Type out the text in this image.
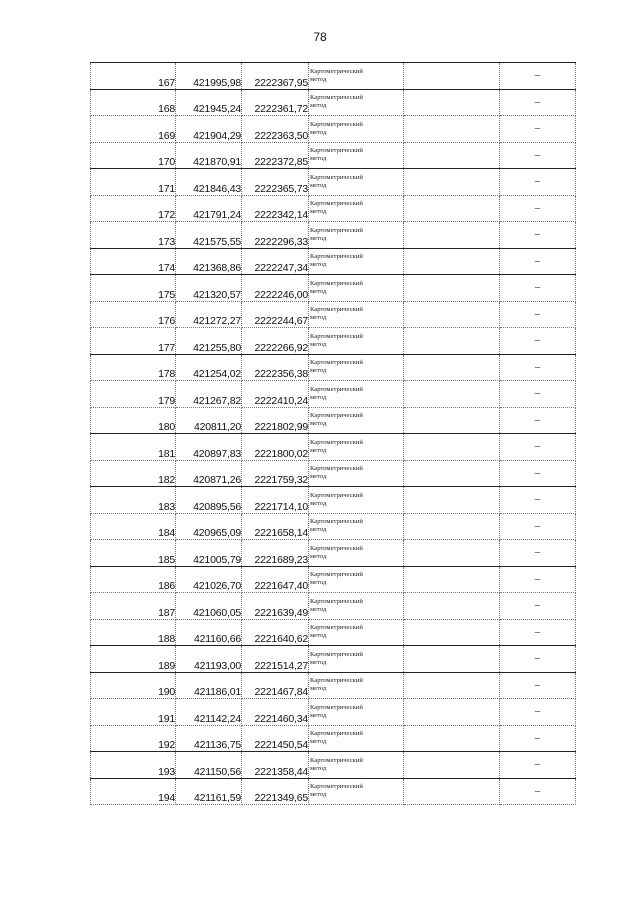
78
167	421995,98	2222367,95	Картометрический
метод		–
168	421945,24	2222361,72	Картометрический
метод		–
169	421904,29	2222363,50	Картометрический
метод		–
170	421870,91	2222372,85	Картометрический
метод		–
171	421846,43	2222365,73	Картометрический
метод		–
172	421791,24	2222342,14	Картометрический
метод		–
173	421575,55	2222296,33	Картометрический
метод		–
174	421368,86	2222247,34	Картометрический
метод		–
175	421320,57	2222246,00	Картометрический
метод		–
176	421272,27	2222244,67	Картометрический
метод		–
177	421255,80	2222266,92	Картометрический
метод		–
178	421254,02	2222356,38	Картометрический
метод		–
179	421267,82	2222410,24	Картометрический
метод		–
180	420811,20	2221802,99	Картометрический
метод		–
181	420897,83	2221800,02	Картометрический
метод		–
182	420871,26	2221759,32	Картометрический
метод		–
183	420895,56	2221714,10	Картометрический
метод		–
184	420965,09	2221658,14	Картометрический
метод		–
185	421005,79	2221689,23	Картометрический
метод		–
186	421026,70	2221647,40	Картометрический
метод		–
187	421060,05	2221639,49	Картометрический
метод		–
188	421160,66	2221640,62	Картометрический
метод		–
189	421193,00	2221514,27	Картометрический
метод		–
190	421186,01	2221467,84	Картометрический
метод		–
191	421142,24	2221460,34	Картометрический
метод		–
192	421136,75	2221450,54	Картометрический
метод		–
193	421150,56	2221358,44	Картометрический
метод		–
194	421161,59	2221349,65	Картометрический
метод		–
